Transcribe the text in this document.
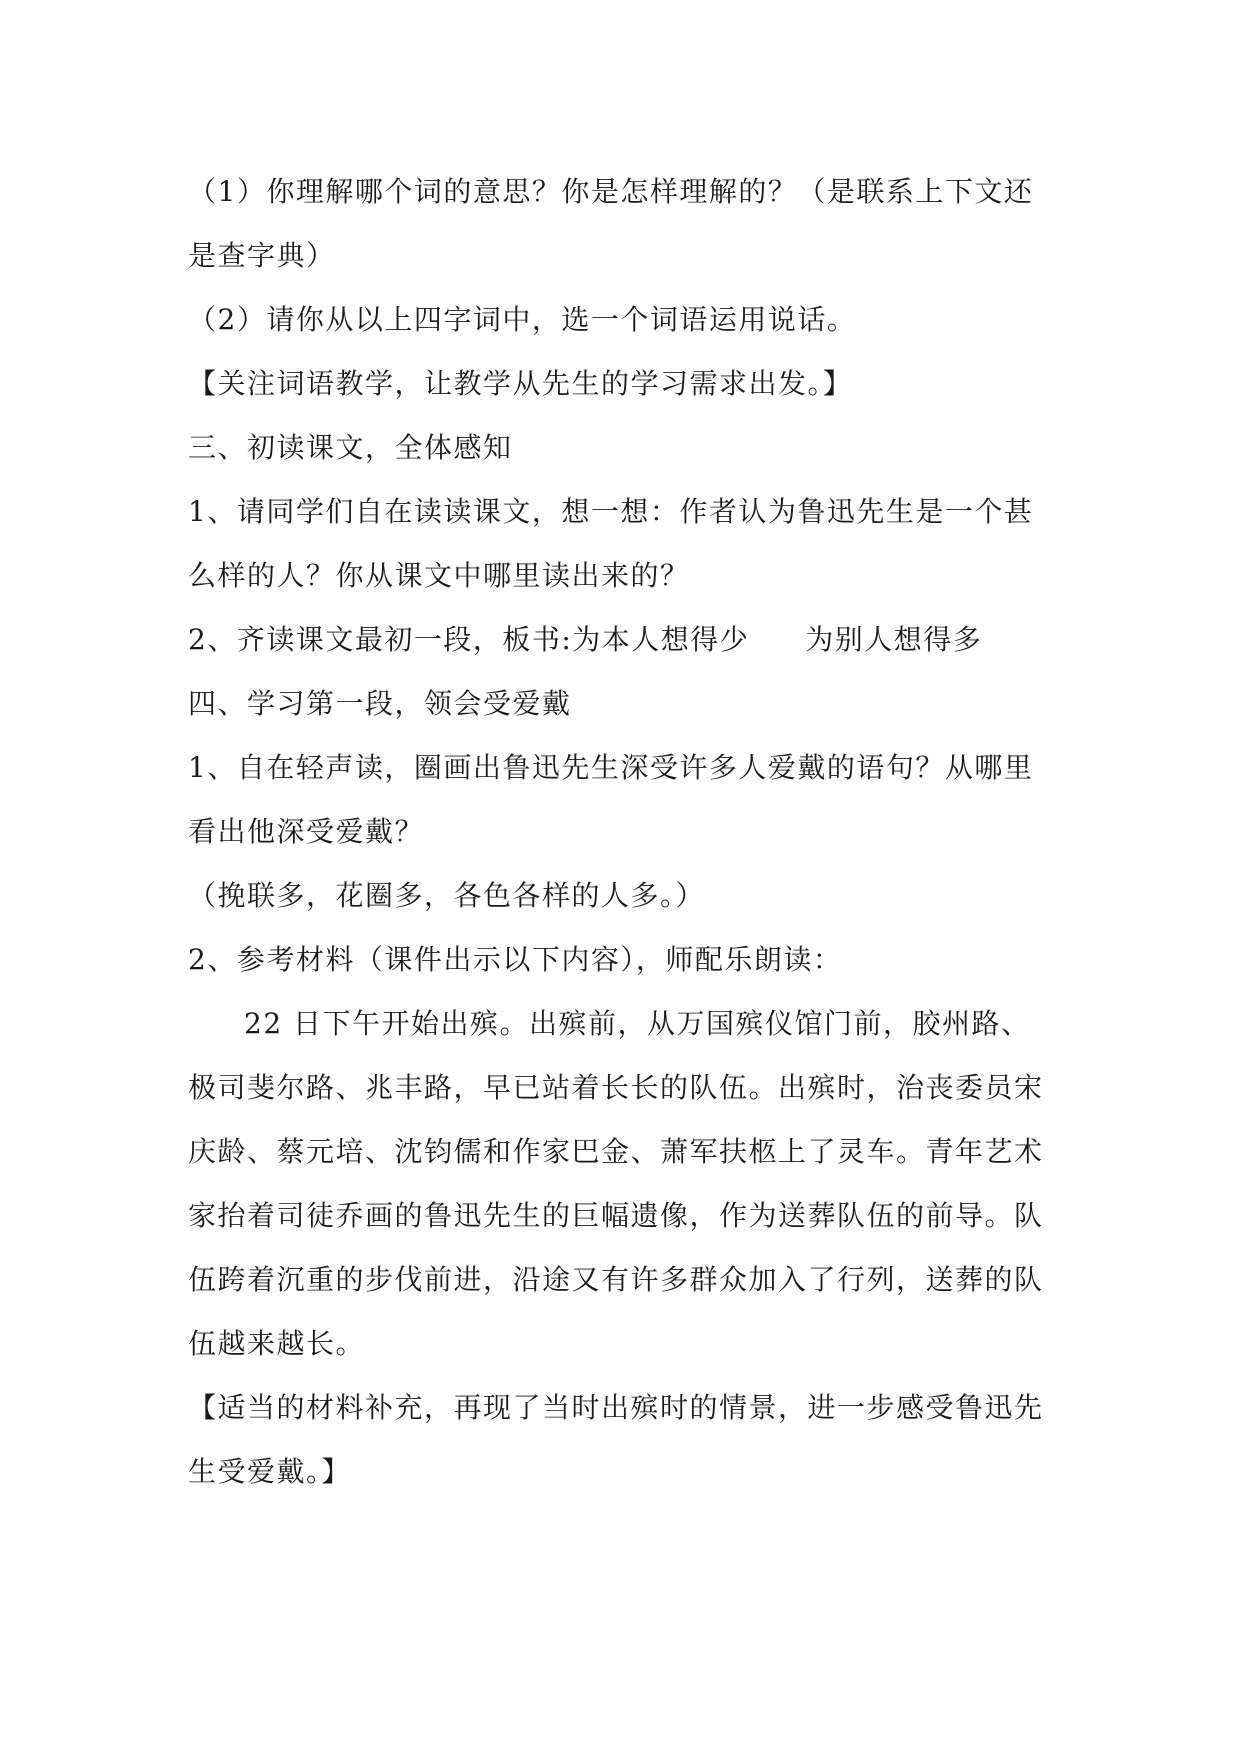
（1）你理解哪个词的意思？你是怎样理解的？（是联系上下文还
是查字典）
（2）请你从以上四字词中，选一个词语运用说话。
【关注词语教学，让教学从先生的学习需求出发。】
三、初读课文，全体感知
1、请同学们自在读读课文，想一想：作者认为鲁迅先生是一个甚
么样的人？你从课文中哪里读出来的？
2、齐读课文最初一段，板书:为本人想得少 为别人想得多
四、学习第一段，领会受爱戴
1、自在轻声读，圈画出鲁迅先生深受许多人爱戴的语句？从哪里
看出他深受爱戴？
（挽联多，花圈多，各色各样的人多。）
2、参考材料（课件出示以下内容），师配乐朗读：
22 日下午开始出殡。出殡前，从万国殡仪馆门前，胶州路、
极司斐尔路、兆丰路，早已站着长长的队伍。出殡时，治丧委员宋
庆龄、蔡元培、沈钧儒和作家巴金、萧军扶柩上了灵车。青年艺术
家抬着司徒乔画的鲁迅先生的巨幅遗像，作为送葬队伍的前导。队
伍跨着沉重的步伐前进，沿途又有许多群众加入了行列，送葬的队
伍越来越长。
【适当的材料补充，再现了当时出殡时的情景，进一步感受鲁迅先
生受爱戴。】
